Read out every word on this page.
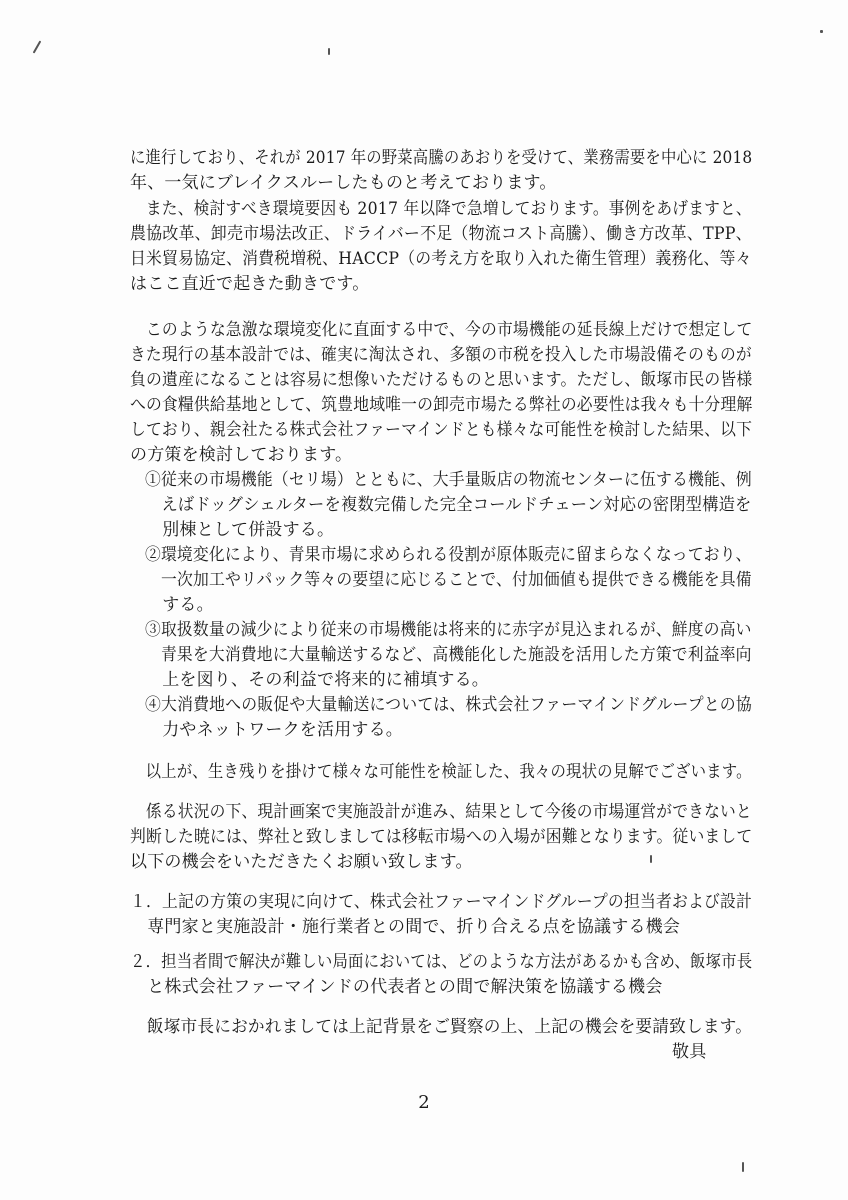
に進行しており、それが 2017 年の野菜高騰のあおりを受けて、業務需要を中心に 2018
年、一気にブレイクスルーしたものと考えております。
　また、検討すべき環境要因も 2017 年以降で急増しております。事例をあげますと、
農協改革、卸売市場法改正、ドライバー不足（物流コスト高騰）、働き方改革、TPP、
日米貿易協定、消費税増税、HACCP（の考え方を取り入れた衛生管理）義務化、等々
はここ直近で起きた動きです。
　このような急激な環境変化に直面する中で、今の市場機能の延長線上だけで想定して
きた現行の基本設計では、確実に淘汰され、多額の市税を投入した市場設備そのものが
負の遺産になることは容易に想像いただけるものと思います。ただし、飯塚市民の皆様
への食糧供給基地として、筑豊地域唯一の卸売市場たる弊社の必要性は我々も十分理解
しており、親会社たる株式会社ファーマインドとも様々な可能性を検討した結果、以下
の方策を検討しております。
①従来の市場機能（セリ場）とともに、大手量販店の物流センターに伍する機能、例
　えばドッグシェルターを複数完備した完全コールドチェーン対応の密閉型構造を
　別棟として併設する。
②環境変化により、青果市場に求められる役割が原体販売に留まらなくなっており、
　一次加工やリパック等々の要望に応じることで、付加価値も提供できる機能を具備
　する。
③取扱数量の減少により従来の市場機能は将来的に赤字が見込まれるが、鮮度の高い
　青果を大消費地に大量輸送するなど、高機能化した施設を活用した方策で利益率向
　上を図り、その利益で将来的に補填する。
④大消費地への販促や大量輸送については、株式会社ファーマインドグループとの協
　力やネットワークを活用する。
　以上が、生き残りを掛けて様々な可能性を検証した、我々の現状の見解でございます。
　係る状況の下、現計画案で実施設計が進み、結果として今後の市場運営ができないと
判断した暁には、弊社と致しましては移転市場への入場が困難となります。従いまして
以下の機会をいただきたくお願い致します。
１．上記の方策の実現に向けて、株式会社ファーマインドグループの担当者および設計
　専門家と実施設計・施行業者との間で、折り合える点を協議する機会
２．担当者間で解決が難しい局面においては、どのような方法があるかも含め、飯塚市長
　と株式会社ファーマインドの代表者との間で解決策を協議する機会
　飯塚市長におかれましては上記背景をご賢察の上、上記の機会を要請致します。
敬具
2
